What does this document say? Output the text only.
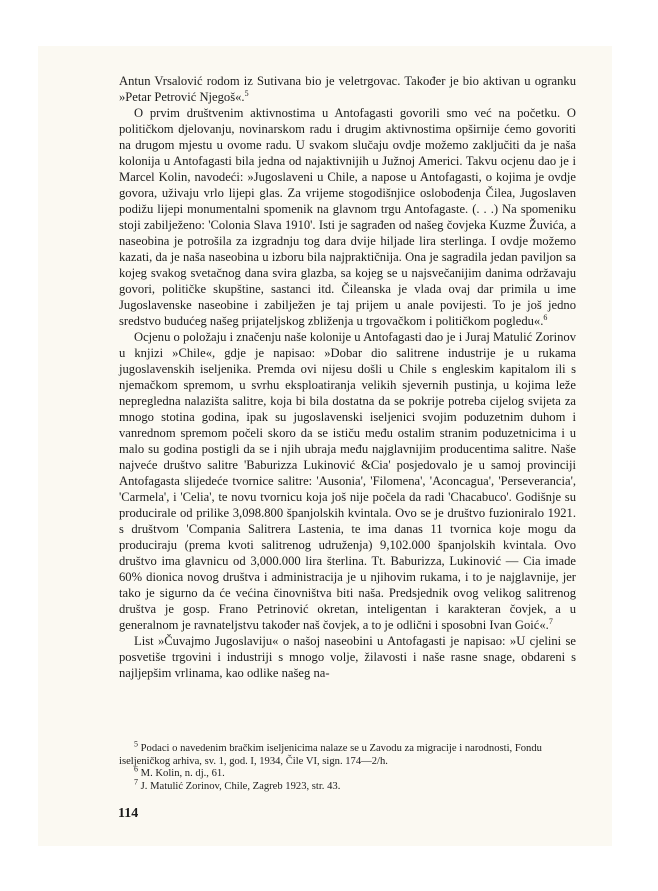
Antun Vrsalović rodom iz Sutivana bio je veletrgovac. Također je bio aktivan u ogranku »Petar Petrović Njegoš«.$^5$

O prvim društvenim aktivnostima u Antofagasti govorili smo već na početku. O političkom djelovanju, novinarskom radu i drugim aktivnostima opširnije ćemo govoriti na drugom mjestu u ovome radu. U svakom slučaju ovdje možemo zaključiti da je naša kolonija u Antofagasti bila jedna od najaktivnijih u Južnoj Americi. Takvu ocjenu dao je i Marcel Kolin, navodeći: »Jugoslaveni u Chile, a napose u Antofagasti, o kojima je ovdje govora, uživaju vrlo lijepi glas. Za vrijeme stogodišnjice oslobođenja Čilea, Jugoslaven podižu lijepi monumentalni spomenik na glavnom trgu Antofagaste. (. . .) Na spomeniku stoji zabilježeno: 'Colonia Slava 1910'. Isti je sagrađen od našeg čovjeka Kuzme Žuvića, a naseobina je potrošila za izgradnju tog dara dvije hiljade lira sterlinga. I ovdje možemo kazati, da je naša naseobina u izboru bila najpraktičnija. Ona je sagradila jedan paviljon sa kojeg svakog svetačnog dana svira glazba, sa kojeg se u najsvečanijim danima održavaju govori, političke skupštine, sastanci itd. Čileanska je vlada ovaj dar primila u ime Jugoslavenske naseobine i zabilježen je taj prijem u anale povijesti. To je još jedno sredstvo budućeg našeg prijateljskog zbliženja u trgovačkom i političkom pogledu«.$^6$

Ocjenu o položaju i značenju naše kolonije u Antofagasti dao je i Juraj Matulić Zorinov u knjizi »Chile«, gdje je napisao: »Dobar dio salitrene industrije je u rukama jugoslavenskih iseljenika. Premda ovi nijesu došli u Chile s engleskim kapitalom ili s njemačkom spremom, u svrhu eksploatiranja velikih sjevernih pustinja, u kojima leže nepregledna nalazišta salitre, koja bi bila dostatna da se pokrije potreba cijelog svijeta za mnogo stotina godina, ipak su jugoslavenski iseljenici svojim poduzetnim duhom i vanrednom spremom počeli skoro da se ističu među ostalim stranim poduzetnicima i u malo su godina postigli da se i njih ubraja među najglavnijim producentima salitre. Naše najveće društvo salitre 'Baburizza Lukinović &Cia' posjedovalo je u samoj provinciji Antofagasta slijedeće tvornice salitre: 'Ausonia', 'Filomena', 'Aconcagua', 'Perseverancia', 'Carmela', i 'Celia', te novu tvornicu koja još nije počela da radi 'Chacabuco'. Godišnje su producirale od prilike 3,098.800 španjolskih kvintala. Ovo se je društvo fuzioniralo 1921. s društvom 'Compania Salitrera Lastenia, te ima danas 11 tvornica koje mogu da produciraju (prema kvoti salitrenog udruženja) 9,102.000 španjolskih kvintala. Ovo društvo ima glavnicu od 3,000.000 lira šterlina. Tt. Baburizza, Lukinović — Cia imade 60% dionica novog društva i administracija je u njihovim rukama, i to je najglavnije, jer tako je sigurno da će većina činovništva biti naša. Predsjednik ovog velikog salitrenog društva je gosp. Frano Petrinović okretan, inteligentan i karakteran čovjek, a u generalnom je ravnateljstvu također naš čovjek, a to je odlični i sposobni Ivan Goić«.$^7$

List »Čuvajmo Jugoslaviju« o našoj naseobini u Antofagasti je napisao: »U cjelini se posvetiše trgovini i industriji s mnogo volje, žilavosti i naše rasne snage, obdareni s najljepšim vrlinama, kao odlike našeg na-

$^5$ Podaci o navedenim bračkim iseljenicima nalaze se u Zavodu za migracije i narodnosti, Fondu iseljeničkog arhiva, sv. 1, god. I, 1934, Čile VI, sign. 174—2/h.

$^6$ M. Kolin, n. dj., 61.

$^7$ J. Matulić Zorinov, Chile, Zagreb 1923, str. 43.

114
